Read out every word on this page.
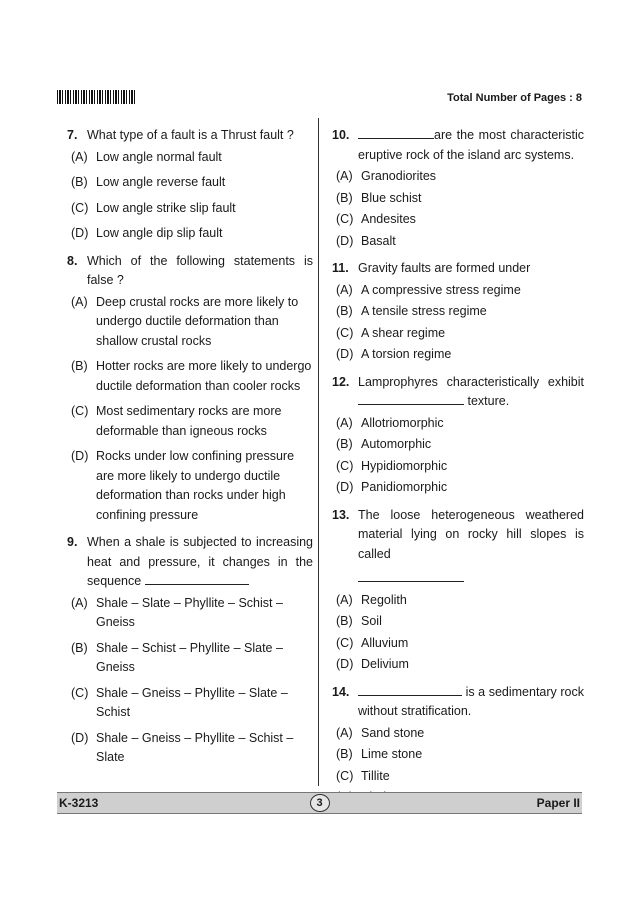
Total Number of Pages : 8
7. What type of a fault is a Thrust fault ?
(A) Low angle normal fault
(B) Low angle reverse fault
(C) Low angle strike slip fault
(D) Low angle dip slip fault
8. Which of the following statements is false ?
(A) Deep crustal rocks are more likely to undergo ductile deformation than shallow crustal rocks
(B) Hotter rocks are more likely to undergo ductile deformation than cooler rocks
(C) Most sedimentary rocks are more deformable than igneous rocks
(D) Rocks under low confining pressure are more likely to undergo ductile deformation than rocks under high confining pressure
9. When a shale is subjected to increasing heat and pressure, it changes in the sequence
(A) Shale – Slate – Phyllite – Schist – Gneiss
(B) Shale – Schist – Phyllite – Slate – Gneiss
(C) Shale – Gneiss – Phyllite – Slate – Schist
(D) Shale – Gneiss – Phyllite – Schist – Slate
10.	are the most characteristic eruptive rock of the island arc systems.
(A) Granodiorites
(B) Blue schist
(C) Andesites
(D) Basalt
11. Gravity faults are formed under
(A) A compressive stress regime
(B) A tensile stress regime
(C) A shear regime
(D) A torsion regime
12. Lamprophyres characteristically exhibit  texture.
(A) Allotriomorphic
(B) Automorphic
(C) Hypidiomorphic
(D) Panidiomorphic
13. The loose heterogeneous weathered material lying on rocky hill slopes is called

(A) Regolith
(B) Soil
(C) Alluvium
(D) Delivium
14.	is a sedimentary rock without stratification.
(A) Sand stone
(B) Lime stone
(C) Tillite
K-3213	3	Paper II
